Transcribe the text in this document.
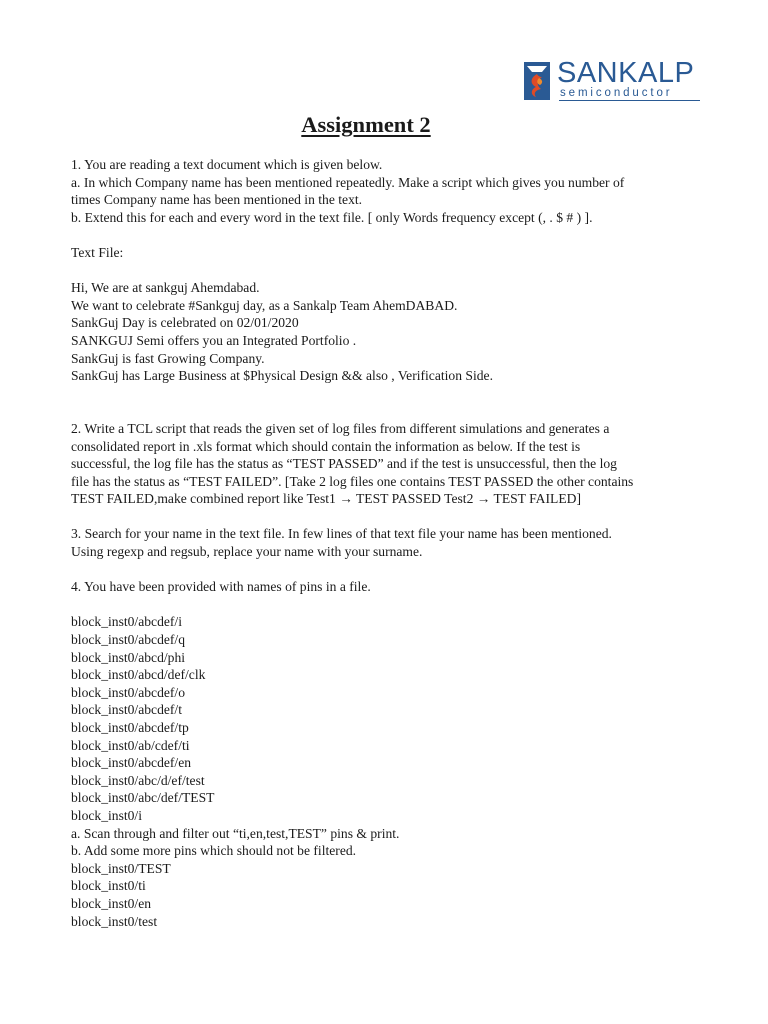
SANKALP
semiconductor
Assignment 2
1. You are reading a text document which is given below.
a. In which Company name has been mentioned repeatedly. Make a script which gives you number of
times Company name has been mentioned in the text.
b. Extend this for each and every word in the text file. [ only Words frequency except (, . $ # ) ].
Text File:
Hi, We are at sankguj Ahemdabad.
We want to celebrate #Sankguj day, as a Sankalp Team AhemDABAD.
SankGuj Day is celebrated on 02/01/2020
SANKGUJ Semi offers you an Integrated Portfolio .
SankGuj is fast Growing Company.
SankGuj has Large Business at $Physical Design && also , Verification Side.
2. Write a TCL script that reads the given set of log files from different simulations and generates a
consolidated report in .xls format which should contain the information as below. If the test is
successful, the log file has the status as “TEST PASSED” and if the test is unsuccessful, then the log
file has the status as “TEST FAILED”. [Take 2 log files one contains TEST PASSED the other contains
TEST FAILED,make combined report like Test1 → TEST PASSED Test2 → TEST FAILED]
3. Search for your name in the text file. In few lines of that text file your name has been mentioned.
Using regexp and regsub, replace your name with your surname.
4. You have been provided with names of pins in a file.
block_inst0/abcdef/i
block_inst0/abcdef/q
block_inst0/abcd/phi
block_inst0/abcd/def/clk
block_inst0/abcdef/o
block_inst0/abcdef/t
block_inst0/abcdef/tp
block_inst0/ab/cdef/ti
block_inst0/abcdef/en
block_inst0/abc/d/ef/test
block_inst0/abc/def/TEST
block_inst0/i
a. Scan through and filter out “ti,en,test,TEST” pins & print.
b. Add some more pins which should not be filtered.
block_inst0/TEST
block_inst0/ti
block_inst0/en
block_inst0/test
